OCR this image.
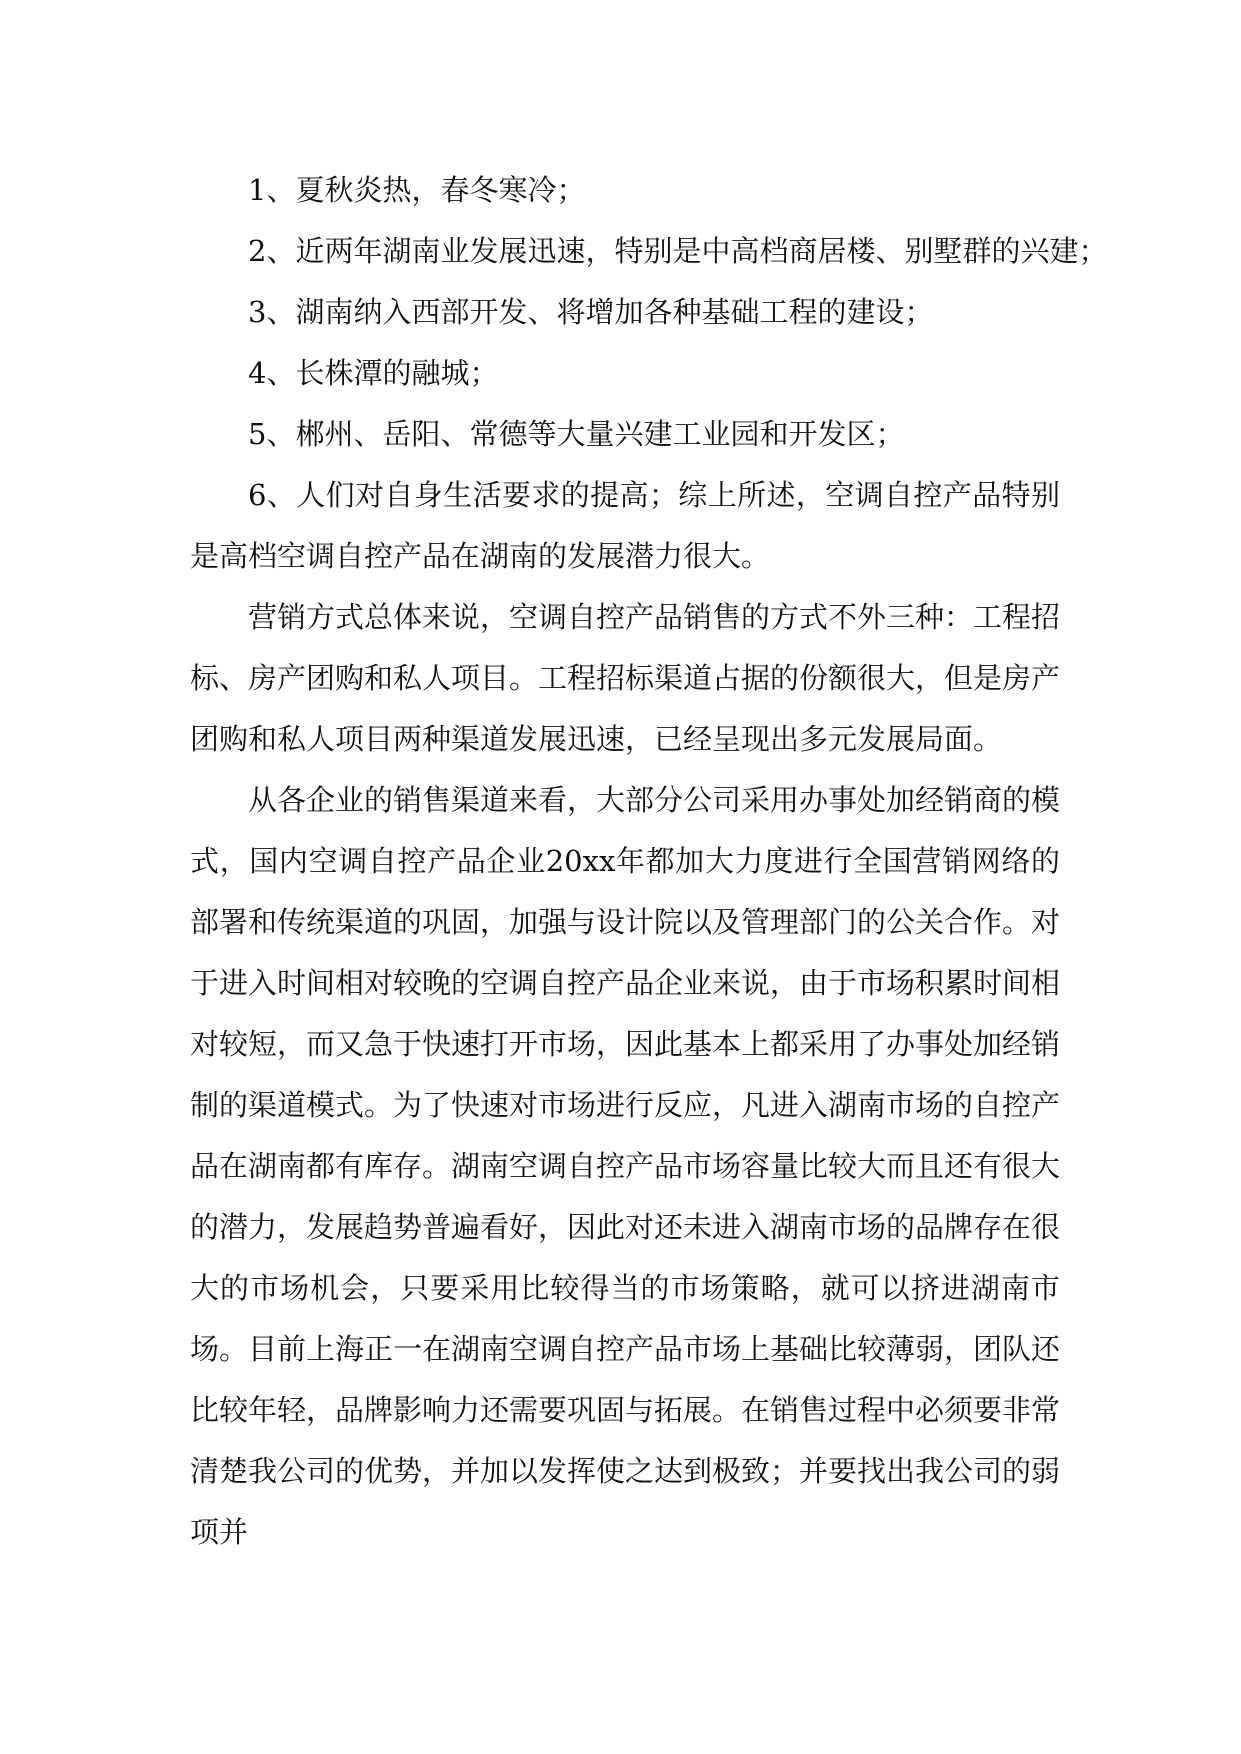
1、夏秋炎热，春冬寒冷；

2、近两年湖南业发展迅速，特别是中高档商居楼、别墅群的兴建；

3、湖南纳入西部开发、将增加各种基础工程的建设；

4、长株潭的融城；

5、郴州、岳阳、常德等大量兴建工业园和开发区；

6、人们对自身生活要求的提高；综上所述，空调自控产品特别是高档空调自控产品在湖南的发展潜力很大。

营销方式总体来说，空调自控产品销售的方式不外三种：工程招标、房产团购和私人项目。工程招标渠道占据的份额很大，但是房产团购和私人项目两种渠道发展迅速，已经呈现出多元发展局面。

从各企业的销售渠道来看，大部分公司采用办事处加经销商的模式，国内空调自控产品企业20xx年都加大力度进行全国营销网络的部署和传统渠道的巩固，加强与设计院以及管理部门的公关合作。对于进入时间相对较晚的空调自控产品企业来说，由于市场积累时间相对较短，而又急于快速打开市场，因此基本上都采用了办事处加经销制的渠道模式。为了快速对市场进行反应，凡进入湖南市场的自控产品在湖南都有库存。湖南空调自控产品市场容量比较大而且还有很大的潜力，发展趋势普遍看好，因此对还未进入湖南市场的品牌存在很大的市场机会，只要采用比较得当的市场策略，就可以挤进湖南市场。目前上海正一在湖南空调自控产品市场上基础比较薄弱，团队还比较年轻，品牌影响力还需要巩固与拓展。在销售过程中必须要非常清楚我公司的优势，并加以发挥使之达到极致；并要找出我公司的弱项并
